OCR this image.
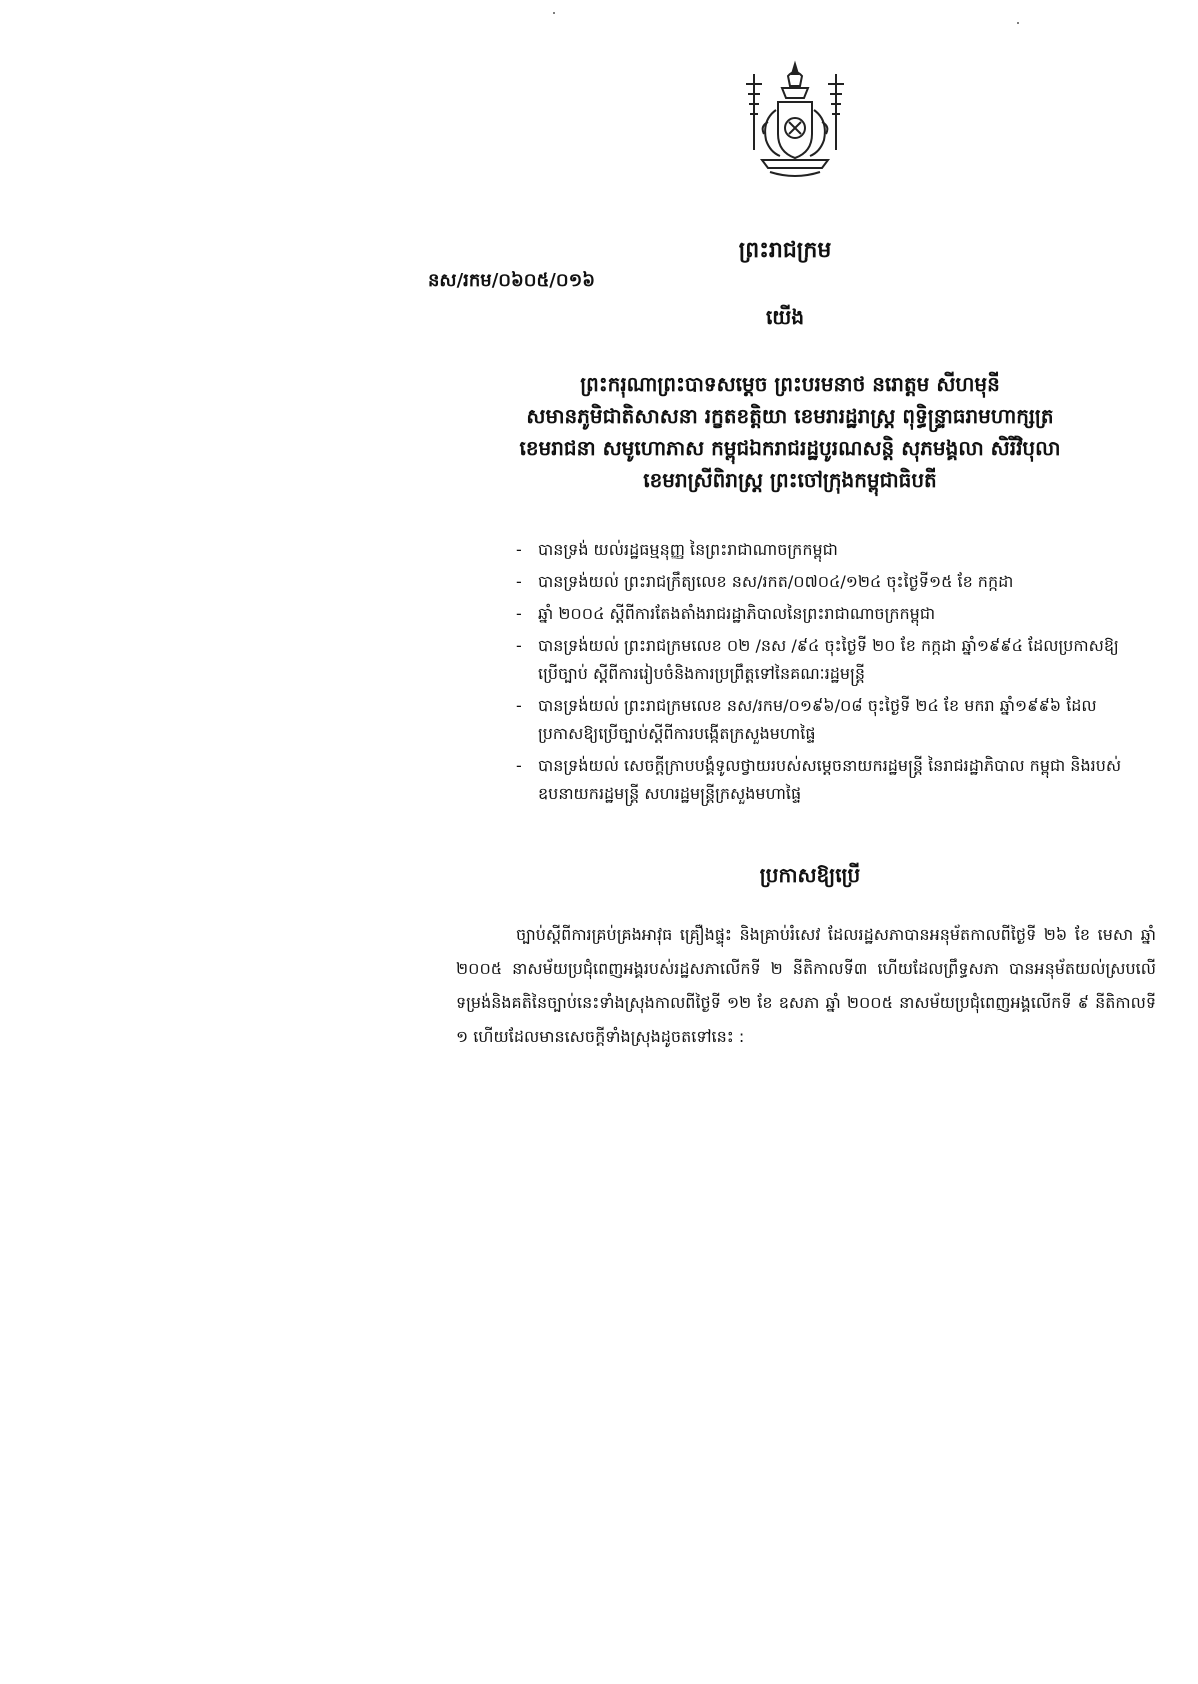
ព្រះរាជក្រម
នស/រកម/០៦០៥/០១៦
យើង
ព្រះករុណាព្រះបាទសម្តេច ព្រះបរមនាថ នរោត្តម សីហមុនី
សមានភូមិជាតិសាសនា រក្ខតខត្តិយា ខេមរារដ្ឋរាស្ត្រ ពុទ្ធិន្ទ្រាធរាមហាក្សត្រ
ខេមរាជនា សមូហោភាស កម្ពុជឯករាជរដ្ឋបូរណសន្តិ សុភមង្គលា សិរីវិបុលា
ខេមរាស្រីពិរាស្ត្រ ព្រះចៅក្រុងកម្ពុជាធិបតី
- បានទ្រង់ យល់រដ្ឋធម្មនុញ្ញ នៃព្រះរាជាណាចក្រកម្ពុជា
- បានទ្រង់យល់ ព្រះរាជក្រឹត្យលេខ នស/រកត/០៧០៤/១២៤ ចុះថ្ងៃទី១៥ ខែ កក្កដា
- ឆ្នាំ ២០០៤ ស្តីពីការតែងតាំងរាជរដ្ឋាភិបាលនៃព្រះរាជាណាចក្រកម្ពុជា
- បានទ្រង់យល់ ព្រះរាជក្រមលេខ ០២ /នស /៩៤ ចុះថ្ងៃទី ២០ ខែ កក្កដា ឆ្នាំ១៩៩៤ ដែលប្រកាសឱ្យប្រើច្បាប់ ស្តីពីការរៀបចំនិងការប្រព្រឹត្តទៅនៃគណៈរដ្ឋមន្ត្រី
- បានទ្រង់យល់ ព្រះរាជក្រមលេខ នស/រកម/០១៩៦/០៨ ចុះថ្ងៃទី ២៤ ខែ មករា ឆ្នាំ១៩៩៦ ដែលប្រកាសឱ្យប្រើច្បាប់ស្តីពីការបង្កើតក្រសួងមហាផ្ទៃ
- បានទ្រង់យល់ សេចក្តីក្រាបបង្គំទូលថ្វាយរបស់សម្តេចនាយករដ្ឋមន្ត្រី នៃរាជរដ្ឋាភិបាល កម្ពុជា និងរបស់ឧបនាយករដ្ឋមន្ត្រី សហរដ្ឋមន្ត្រីក្រសួងមហាផ្ទៃ
ប្រកាសឱ្យប្រើ

ច្បាប់ស្តីពីការគ្រប់គ្រងអាវុធ គ្រឿងផ្ទុះ និងគ្រាប់រំសេវ ដែលរដ្ឋសភាបានអនុម័តកាលពីថ្ងៃទី ២៦ ខែ មេសា ឆ្នាំ ២០០៥ នាសម័យប្រជុំពេញអង្គរបស់រដ្ឋសភាលើកទី ២ នីតិកាលទី៣ ហើយដែលព្រឹទ្ធសភា បានអនុម័តយល់ស្របលើទម្រង់និងគតិនៃច្បាប់នេះទាំងស្រុងកាលពីថ្ងៃទី ១២ ខែ ឧសភា ឆ្នាំ ២០០៥ នាសម័យប្រជុំពេញអង្គលើកទី ៩ នីតិកាលទី ១ ហើយដែលមានសេចក្តីទាំងស្រុងដូចតទៅនេះ :
